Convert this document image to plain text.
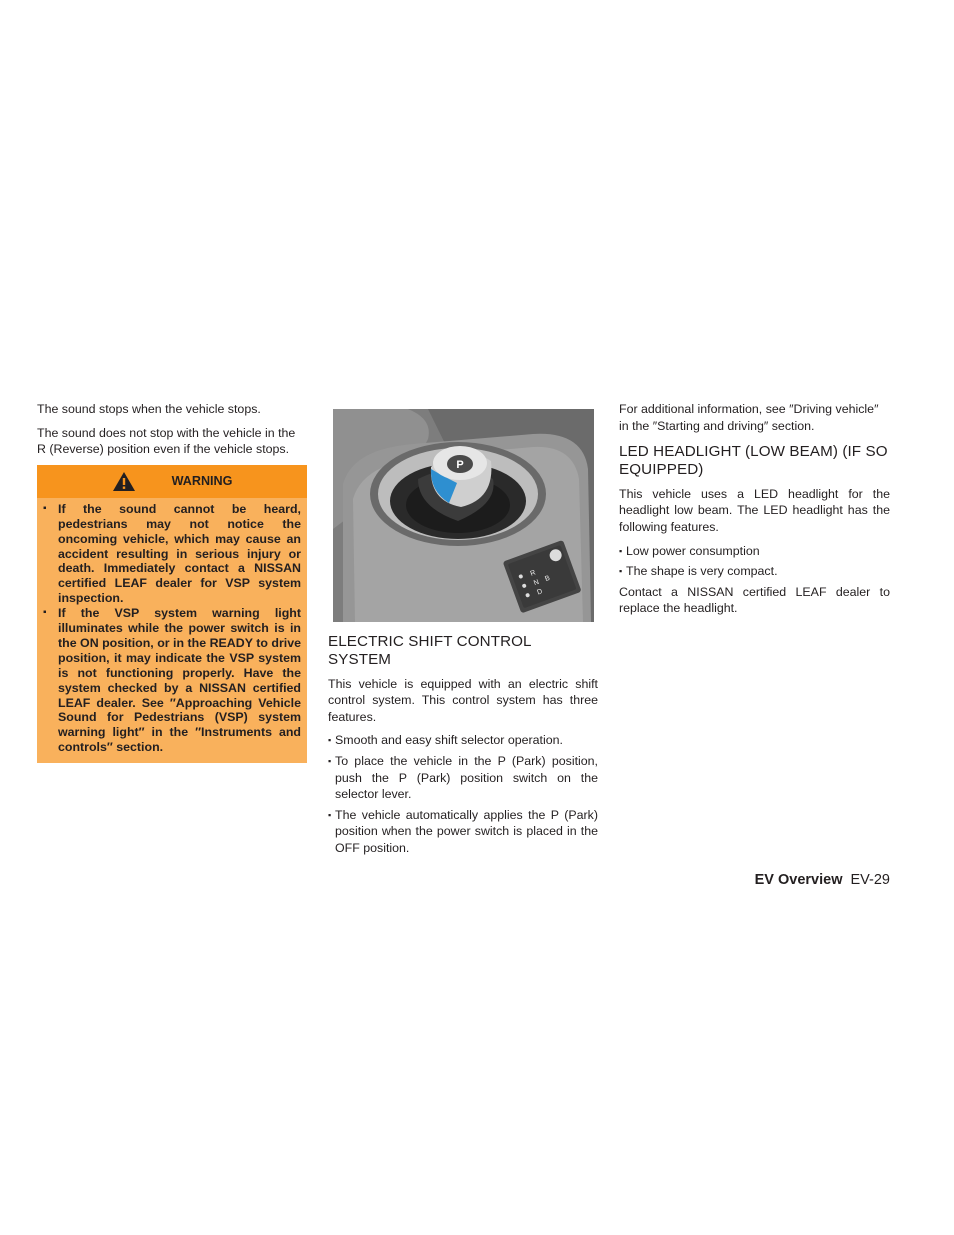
The sound stops when the vehicle stops.

The sound does not stop with the vehicle in the R (Reverse) position even if the vehicle stops.

WARNING
▪ If the sound cannot be heard, pedestrians may not notice the oncoming vehicle, which may cause an accident resulting in serious injury or death. Immediately contact a NISSAN certified LEAF dealer for VSP system inspection.
▪ If the VSP system warning light illuminates while the power switch is in the ON position, or in the READY to drive position, it may indicate the VSP system is not functioning properly. Have the system checked by a NISSAN certified LEAF dealer. See ″Approaching Vehicle Sound for Pedestrians (VSP) system warning light″ in the ″Instruments and controls″ section.
P
R
N
D
B
ELECTRIC SHIFT CONTROL SYSTEM

This vehicle is equipped with an electric shift control system. This control system has three features.

▪ Smooth and easy shift selector operation.
▪ To place the vehicle in the P (Park) position, push the P (Park) position switch on the selector lever.
▪ The vehicle automatically applies the P (Park) position when the power switch is placed in the OFF position.

For additional information, see ″Driving vehicle″ in the ″Starting and driving″ section.

LED HEADLIGHT (LOW BEAM) (IF SO EQUIPPED)

This vehicle uses a LED headlight for the headlight low beam. The LED headlight has the following features.

▪ Low power consumption
▪ The shape is very compact.

Contact a NISSAN certified LEAF dealer to replace the headlight.

EV Overview EV-29
